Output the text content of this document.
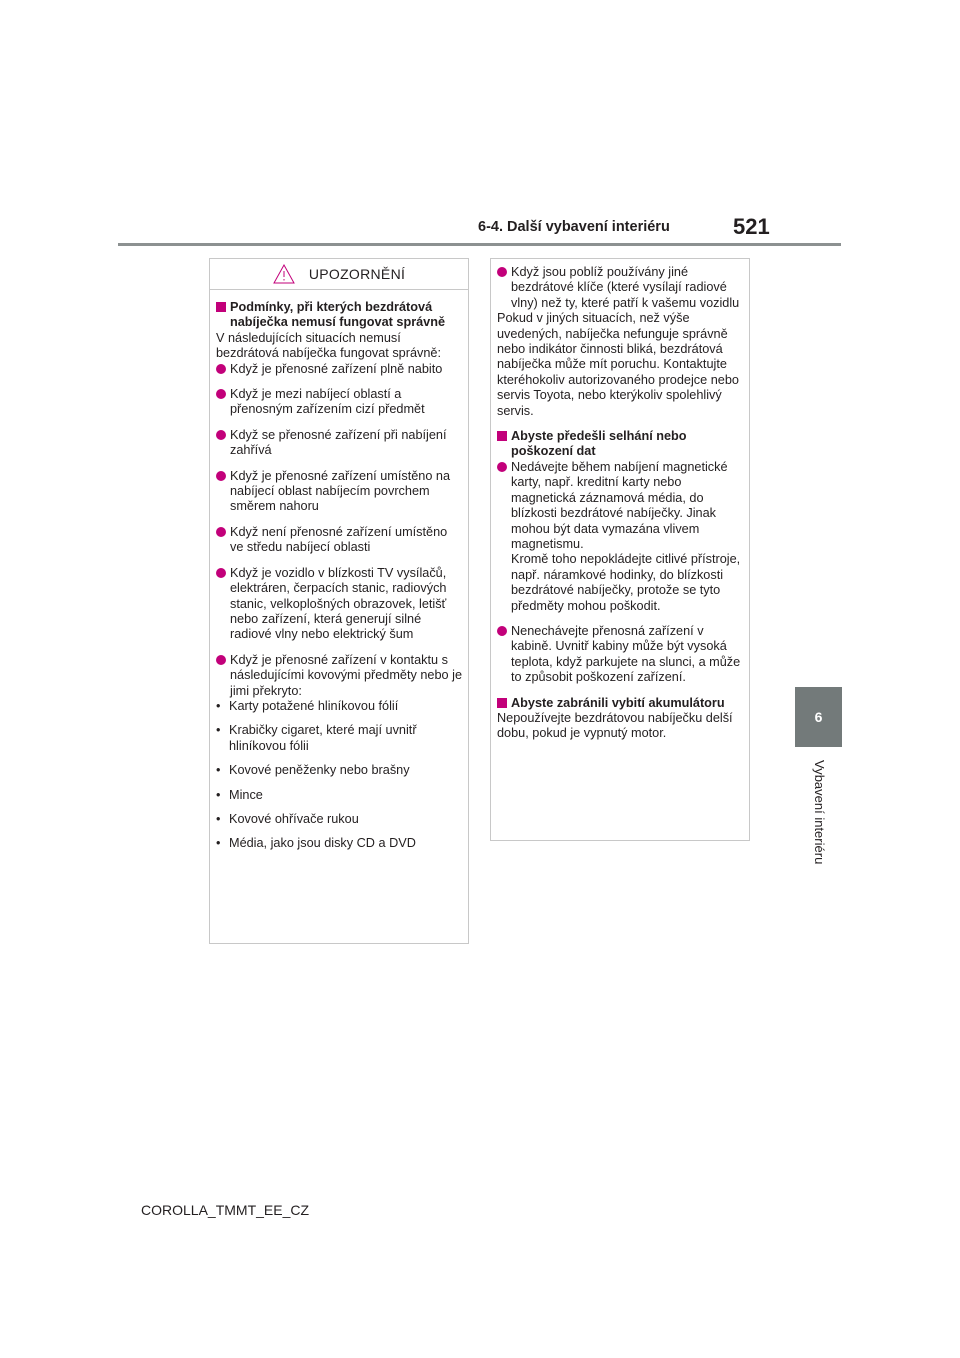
6-4. Další vybavení interiéru	521
6
Vybavení interiéru
UPOZORNĚNÍ
Podmínky, při kterých bezdrátová nabíječka nemusí fungovat správně

V následujících situacích nemusí bezdrátová nabíječka fungovat správně:

Když je přenosné zařízení plně nabito
Když je mezi nabíjecí oblastí a přenosným zařízením cizí předmět
Když se přenosné zařízení při nabíjení zahřívá
Když je přenosné zařízení umístěno na nabíjecí oblast nabíjecím povrchem směrem nahoru
Když není přenosné zařízení umístěno ve středu nabíjecí oblasti
Když je vozidlo v blízkosti TV vysílačů, elektráren, čerpacích stanic, radiových stanic, velkoplošných obrazovek, letišť nebo zařízení, která generují silné radiové vlny nebo elektrický šum
Když je přenosné zařízení v kontaktu s následujícími kovovými předměty nebo je jimi překryto:
• Karty potažené hliníkovou fólií
• Krabičky cigaret, které mají uvnitř hliníkovou fólii
• Kovové peněženky nebo brašny
• Mince
• Kovové ohřívače rukou
• Média, jako jsou disky CD a DVD
Když jsou poblíž používány jiné bezdrátové klíče (které vysílají radiové vlny) než ty, které patří k vašemu vozidlu

Pokud v jiných situacích, než výše uvedených, nabíječka nefunguje správně nebo indikátor činnosti bliká, bezdrátová nabíječka může mít poruchu. Kontaktujte kteréhokoliv autorizovaného prodejce nebo servis Toyota, nebo kterýkoliv spolehlivý servis.

Abyste předešli selhání nebo poškození dat
Nedávejte během nabíjení magnetické karty, např. kreditní karty nebo magnetická záznamová média, do blízkosti bezdrátové nabíječky. Jinak mohou být data vymazána vlivem magnetismu.
Kromě toho nepokládejte citlivé přístroje, např. náramkové hodinky, do blízkosti bezdrátové nabíječky, protože se tyto předměty mohou poškodit.
Nenechávejte přenosná zařízení v kabině. Uvnitř kabiny může být vysoká teplota, když parkujete na slunci, a může to způsobit poškození zařízení.
Abyste zabránili vybití akumulátoru

Nepoužívejte bezdrátovou nabíječku delší dobu, pokud je vypnutý motor.

COROLLA_TMMT_EE_CZ
